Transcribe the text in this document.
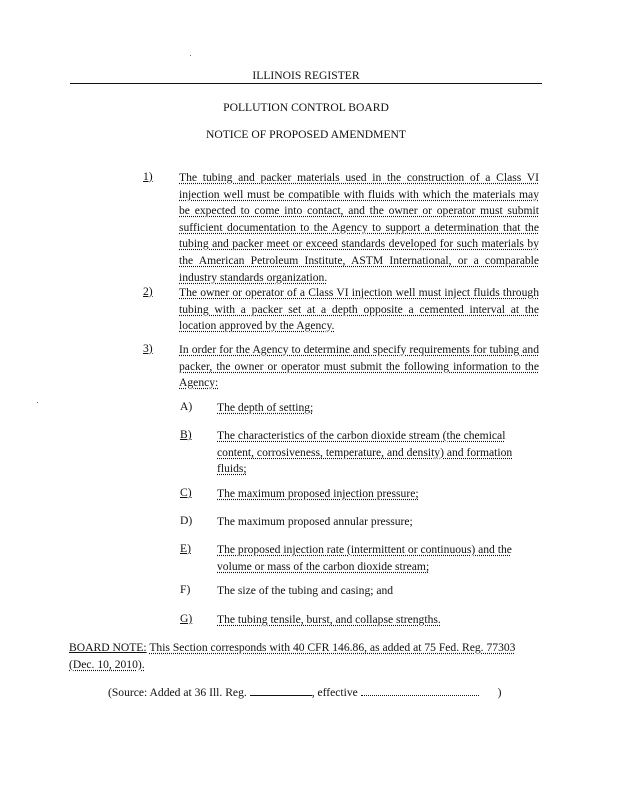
ILLINOIS REGISTER
POLLUTION CONTROL BOARD
NOTICE OF PROPOSED AMENDMENT
1) The tubing and packer materials used in the construction of a Class VI injection well must be compatible with fluids with which the materials may be expected to come into contact, and the owner or operator must submit sufficient documentation to the Agency to support a determination that the tubing and packer meet or exceed standards developed for such materials by the American Petroleum Institute, ASTM International, or a comparable industry standards organization.
2) The owner or operator of a Class VI injection well must inject fluids through tubing with a packer set at a depth opposite a cemented interval at the location approved by the Agency.
3) In order for the Agency to determine and specify requirements for tubing and packer, the owner or operator must submit the following information to the Agency:
A) The depth of setting;
B) The characteristics of the carbon dioxide stream (the chemical content, corrosiveness, temperature, and density) and formation fluids;
C) The maximum proposed injection pressure;
D) The maximum proposed annular pressure;
E) The proposed injection rate (intermittent or continuous) and the volume or mass of the carbon dioxide stream;
F) The size of the tubing and casing; and
G) The tubing tensile, burst, and collapse strengths.
BOARD NOTE: This Section corresponds with 40 CFR 146.86, as added at 75 Fed. Reg. 77303 (Dec. 10, 2010).
(Source: Added at 36 Ill. Reg.	, effective	)
